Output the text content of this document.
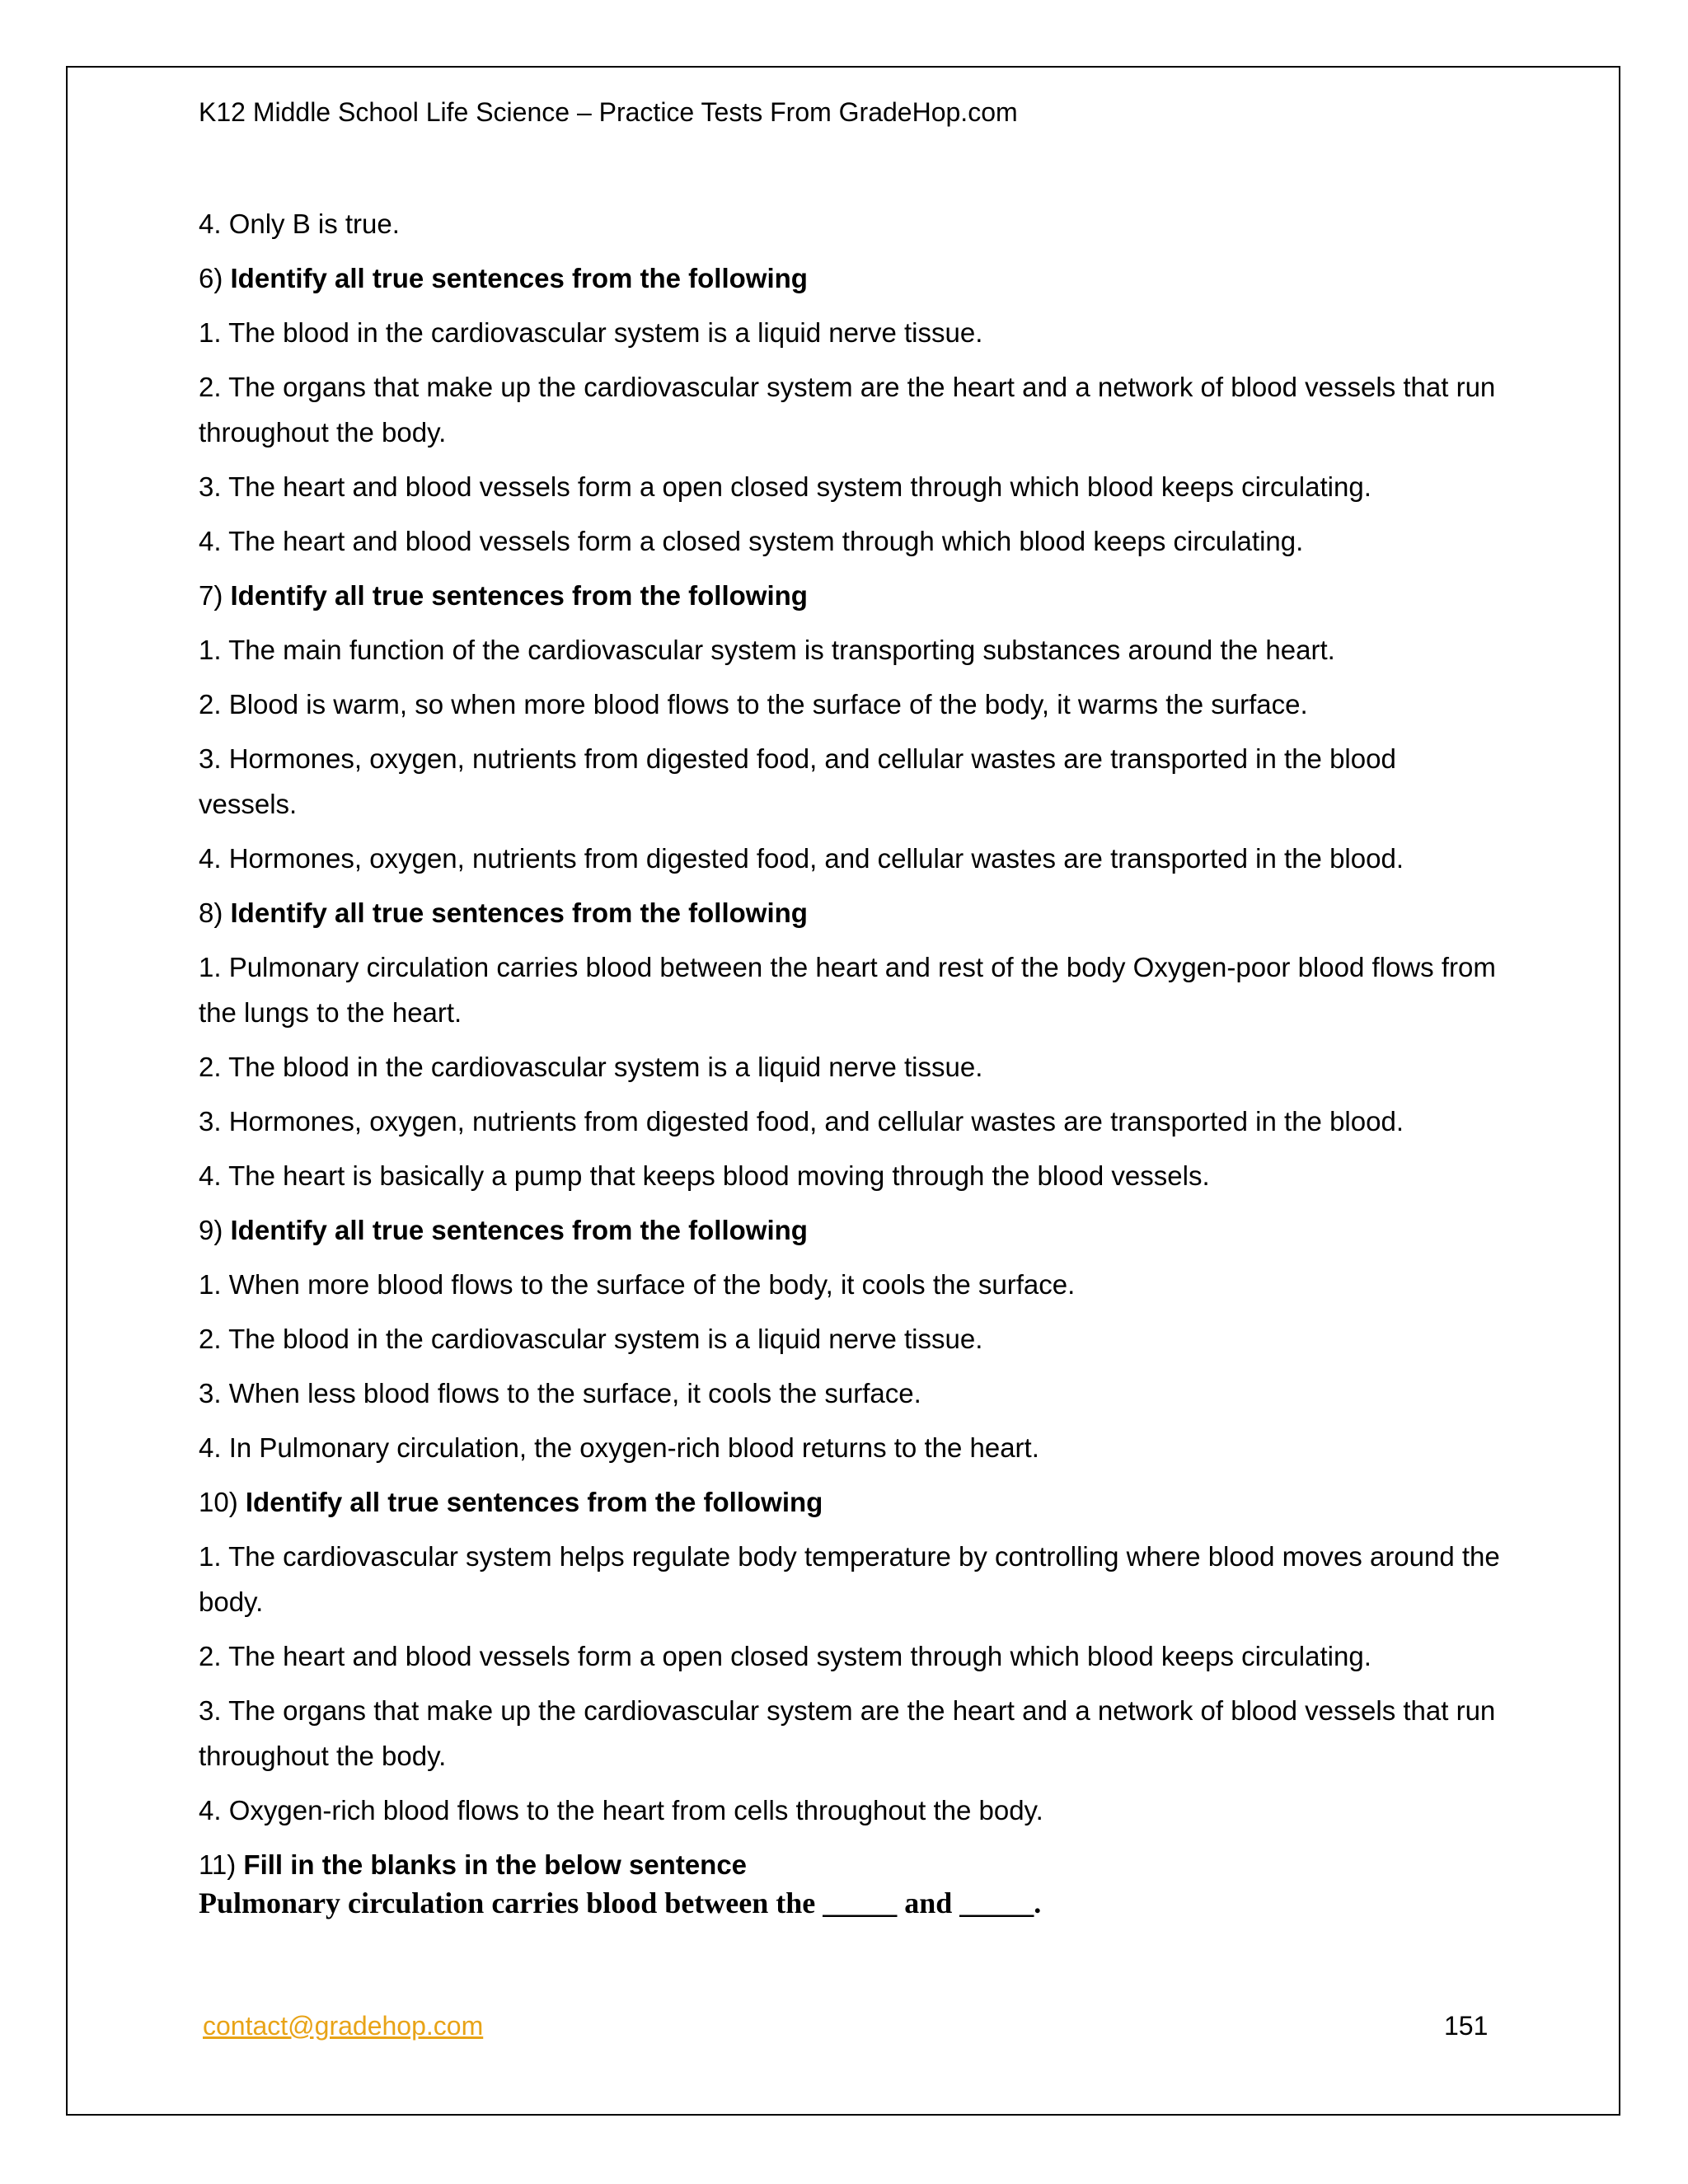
K12 Middle School Life Science – Practice Tests From GradeHop.com
4. Only B is true.
6) Identify all true sentences from the following
1. The blood in the cardiovascular system is a liquid nerve tissue.
2. The organs that make up the cardiovascular system are the heart and a network of blood vessels that run throughout the body.
3. The heart and blood vessels form a open closed system through which blood keeps circulating.
4. The heart and blood vessels form a closed system through which blood keeps circulating.
7) Identify all true sentences from the following
1. The main function of the cardiovascular system is transporting substances around the heart.
2. Blood is warm, so when more blood flows to the surface of the body, it warms the surface.
3. Hormones, oxygen, nutrients from digested food, and cellular wastes are transported in the blood vessels.
4. Hormones, oxygen, nutrients from digested food, and cellular wastes are transported in the blood.
8) Identify all true sentences from the following
1. Pulmonary circulation carries blood between the heart and rest of the body Oxygen-poor blood flows from the lungs to the heart.
2. The blood in the cardiovascular system is a liquid nerve tissue.
3. Hormones, oxygen, nutrients from digested food, and cellular wastes are transported in the blood.
4. The heart is basically a pump that keeps blood moving through the blood vessels.
9) Identify all true sentences from the following
1. When more blood flows to the surface of the body, it cools the surface.
2. The blood in the cardiovascular system is a liquid nerve tissue.
3. When less blood flows to the surface, it cools the surface.
4. In Pulmonary circulation, the oxygen-rich blood returns to the heart.
10) Identify all true sentences from the following
1. The cardiovascular system helps regulate body temperature by controlling where blood moves around the body.
2. The heart and blood vessels form a open closed system through which blood keeps circulating.
3. The organs that make up the cardiovascular system are the heart and a network of blood vessels that run throughout the body.
4. Oxygen-rich blood flows to the heart from cells throughout the body.
11) Fill in the blanks in the below sentence
Pulmonary circulation carries blood between the _____ and _____.
contact@gradehop.com	151
